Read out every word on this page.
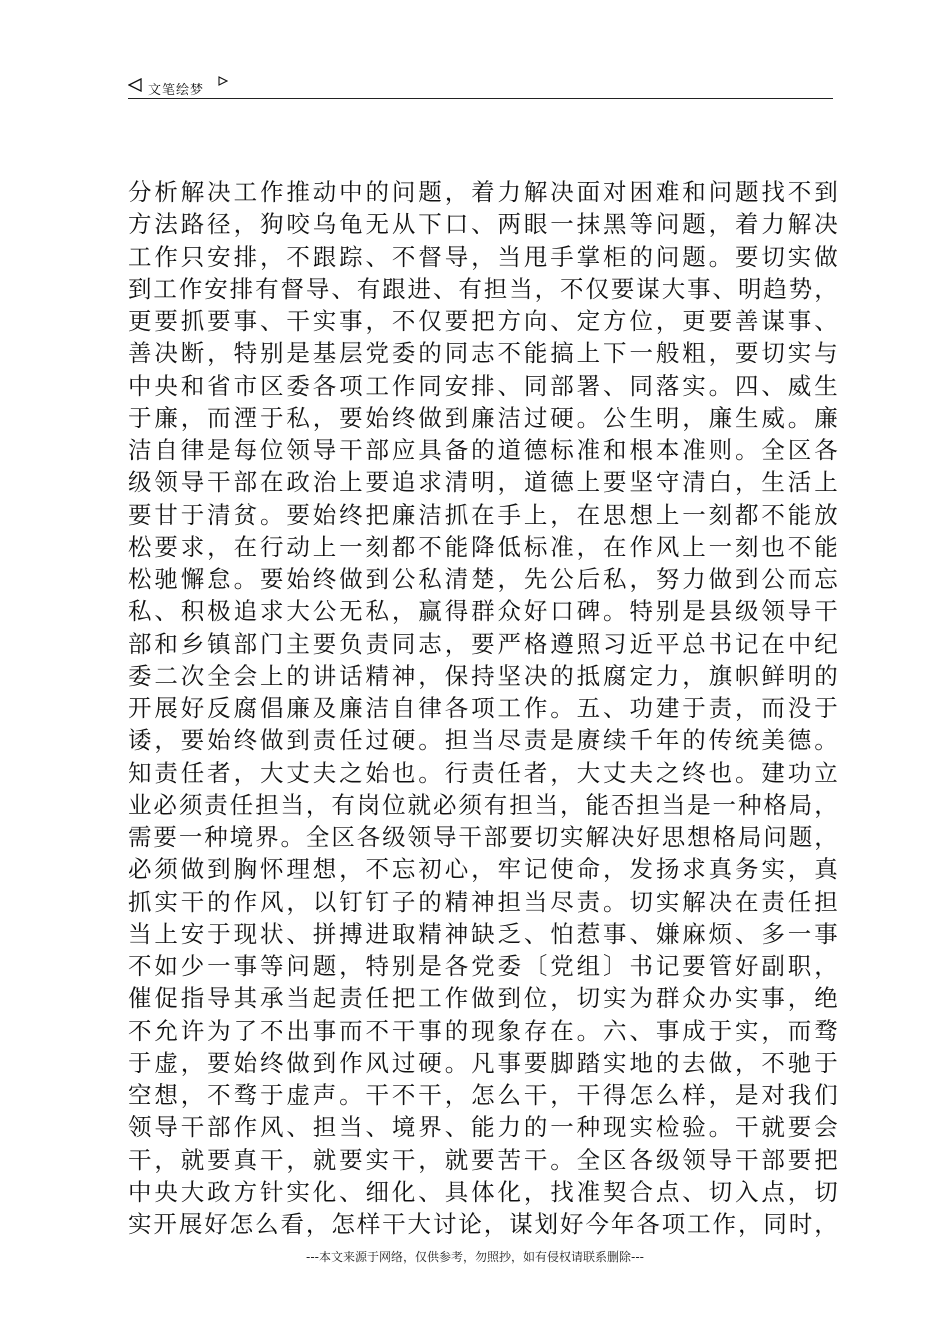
文笔绘梦
分析解决工作推动中的问题，着力解决面对困难和问题找不到
方法路径，狗咬乌龟无从下口、两眼一抹黑等问题，着力解决
工作只安排，不跟踪、不督导，当甩手掌柜的问题。要切实做
到工作安排有督导、有跟进、有担当，不仅要谋大事、明趋势，
更要抓要事、干实事，不仅要把方向、定方位，更要善谋事、
善决断，特别是基层党委的同志不能搞上下一般粗，要切实与
中央和省市区委各项工作同安排、同部署、同落实。四、威生
于廉，而湮于私，要始终做到廉洁过硬。公生明，廉生威。廉
洁自律是每位领导干部应具备的道德标准和根本准则。全区各
级领导干部在政治上要追求清明，道德上要坚守清白，生活上
要甘于清贫。要始终把廉洁抓在手上，在思想上一刻都不能放
松要求，在行动上一刻都不能降低标准，在作风上一刻也不能
松驰懈怠。要始终做到公私清楚，先公后私，努力做到公而忘
私、积极追求大公无私，赢得群众好口碑。特别是县级领导干
部和乡镇部门主要负责同志，要严格遵照习近平总书记在中纪
委二次全会上的讲话精神，保持坚决的抵腐定力，旗帜鲜明的
开展好反腐倡廉及廉洁自律各项工作。五、功建于责，而没于
诿，要始终做到责任过硬。担当尽责是赓续千年的传统美德。
知责任者，大丈夫之始也。行责任者，大丈夫之终也。建功立
业必须责任担当，有岗位就必须有担当，能否担当是一种格局，
需要一种境界。全区各级领导干部要切实解决好思想格局问题，
必须做到胸怀理想，不忘初心，牢记使命，发扬求真务实，真
抓实干的作风，以钉钉子的精神担当尽责。切实解决在责任担
当上安于现状、拼搏进取精神缺乏、怕惹事、嫌麻烦、多一事
不如少一事等问题，特别是各党委〔党组〕书记要管好副职，
催促指导其承当起责任把工作做到位，切实为群众办实事，绝
不允许为了不出事而不干事的现象存在。六、事成于实，而骛
于虚，要始终做到作风过硬。凡事要脚踏实地的去做，不驰于
空想，不骛于虚声。干不干，怎么干，干得怎么样，是对我们
领导干部作风、担当、境界、能力的一种现实检验。干就要会
干，就要真干，就要实干，就要苦干。全区各级领导干部要把
中央大政方针实化、细化、具体化，找准契合点、切入点，切
实开展好怎么看，怎样干大讨论，谋划好今年各项工作，同时，
---本文来源于网络，仅供参考，勿照抄，如有侵权请联系删除---
